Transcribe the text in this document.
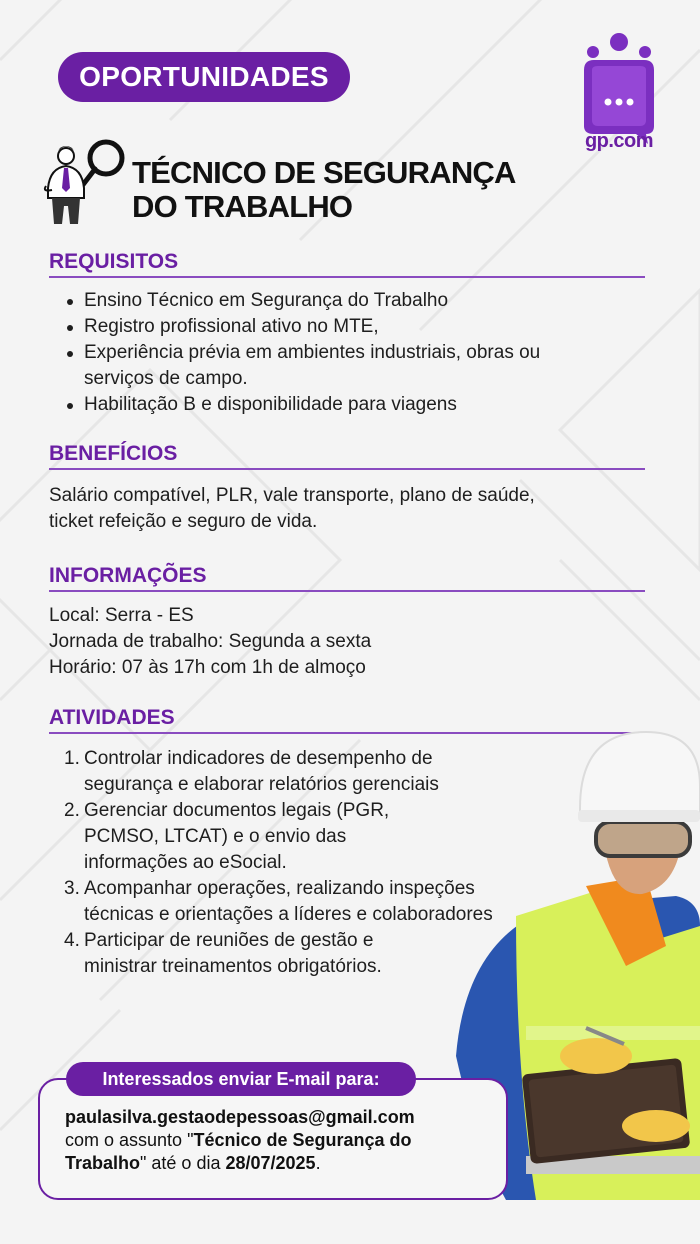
OPORTUNIDADES
gp.com
TÉCNICO DE SEGURANÇA
DO TRABALHO
REQUISITOS
Ensino Técnico em Segurança do Trabalho
Registro profissional ativo no MTE,
Experiência prévia em ambientes industriais, obras ou serviços de campo.
Habilitação B e disponibilidade para viagens
BENEFÍCIOS
Salário compatível, PLR, vale transporte, plano de saúde,
ticket refeição e seguro de vida.
INFORMAÇÕES
Local: Serra - ES
Jornada de trabalho: Segunda a sexta
Horário: 07 às 17h com 1h de almoço
ATIVIDADES
1. Controlar indicadores de desempenho de segurança e elaborar relatórios gerenciais
2. Gerenciar documentos legais (PGR, PCMSO, LTCAT) e o envio das informações ao eSocial.
3. Acompanhar operações, realizando inspeções técnicas e orientações a líderes e colaboradores
4. Participar de reuniões de gestão e ministrar treinamentos obrigatórios.
Interessados enviar E-mail para:
paulasilva.gestaodepessoas@gmail.com
com o assunto "Técnico de Segurança do
Trabalho" até o dia 28/07/2025.
